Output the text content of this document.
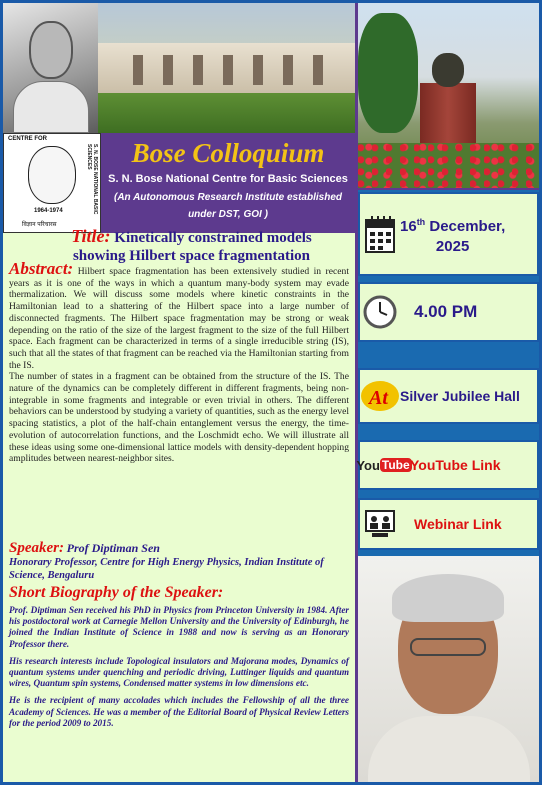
CENTRE FOR
1964-1974
विज्ञान परिचारस
S. N. BOSE NATIONAL BASIC SCIENCES	Bose Colloquium
S. N. Bose National Centre for Basic Sciences
(An Autonomous Research Institute established
under DST, GOI )
Title: Kinetically constrained models
showing Hilbert space fragmentation
Abstract: Hilbert space fragmentation has been extensively studied in recent years as it is one of the ways in which a quantum many-body system may evade thermalization. We will discuss some models where kinetic constraints in the Hamiltonian lead to a shattering of the Hilbert space into a large number of disconnected fragments. The Hilbert space fragmentation may be strong or weak depending on the ratio of the size of the largest fragment to the size of the full Hilbert space. Each fragment can be characterized in terms of a single irreducible string (IS), such that all the states of that fragment can be reached via the Hamiltonian starting from the IS.
The number of states in a fragment can be obtained from the structure of the IS. The nature of the dynamics can be completely different in different fragments, being non-integrable in some fragments and integrable or even trivial in others. The different behaviors can be understood by studying a variety of quantities, such as the energy level spacing statistics, a plot of the half-chain entanglement versus the energy, the time-evolution of autocorrelation functions, and the Loschmidt echo. We will illustrate all these ideas using some one-dimensional lattice models with density-dependent hopping amplitudes between nearest-neighbor sites.
Speaker: Prof Diptiman Sen
Honorary Professor, Centre for High Energy Physics, Indian Institute of Science, Bengaluru
Short Biography of the Speaker:

Prof. Diptiman Sen received his PhD in Physics from Princeton University in 1984. After his postdoctoral work at Carnegie Mellon University and the University of Edinburgh, he joined the Indian Institute of Science in 1988 and now is serving as an Honorary Professor there.

His research interests include Topological insulators and Majorana modes, Dynamics of quantum systems under quenching and periodic driving, Luttinger liquids and quantum wires, Quantum spin systems, Condensed matter systems in low dimensions etc.

He is the recipient of many accolades which includes the Fellowship of all the three Academy of Sciences. He was a member of the Editorial Board of Physical Review Letters for the period 2009 to 2015.

16th December,
2025
4.00 PM
At Silver Jubilee Hall
You Tube YouTube Link
Webinar Link
